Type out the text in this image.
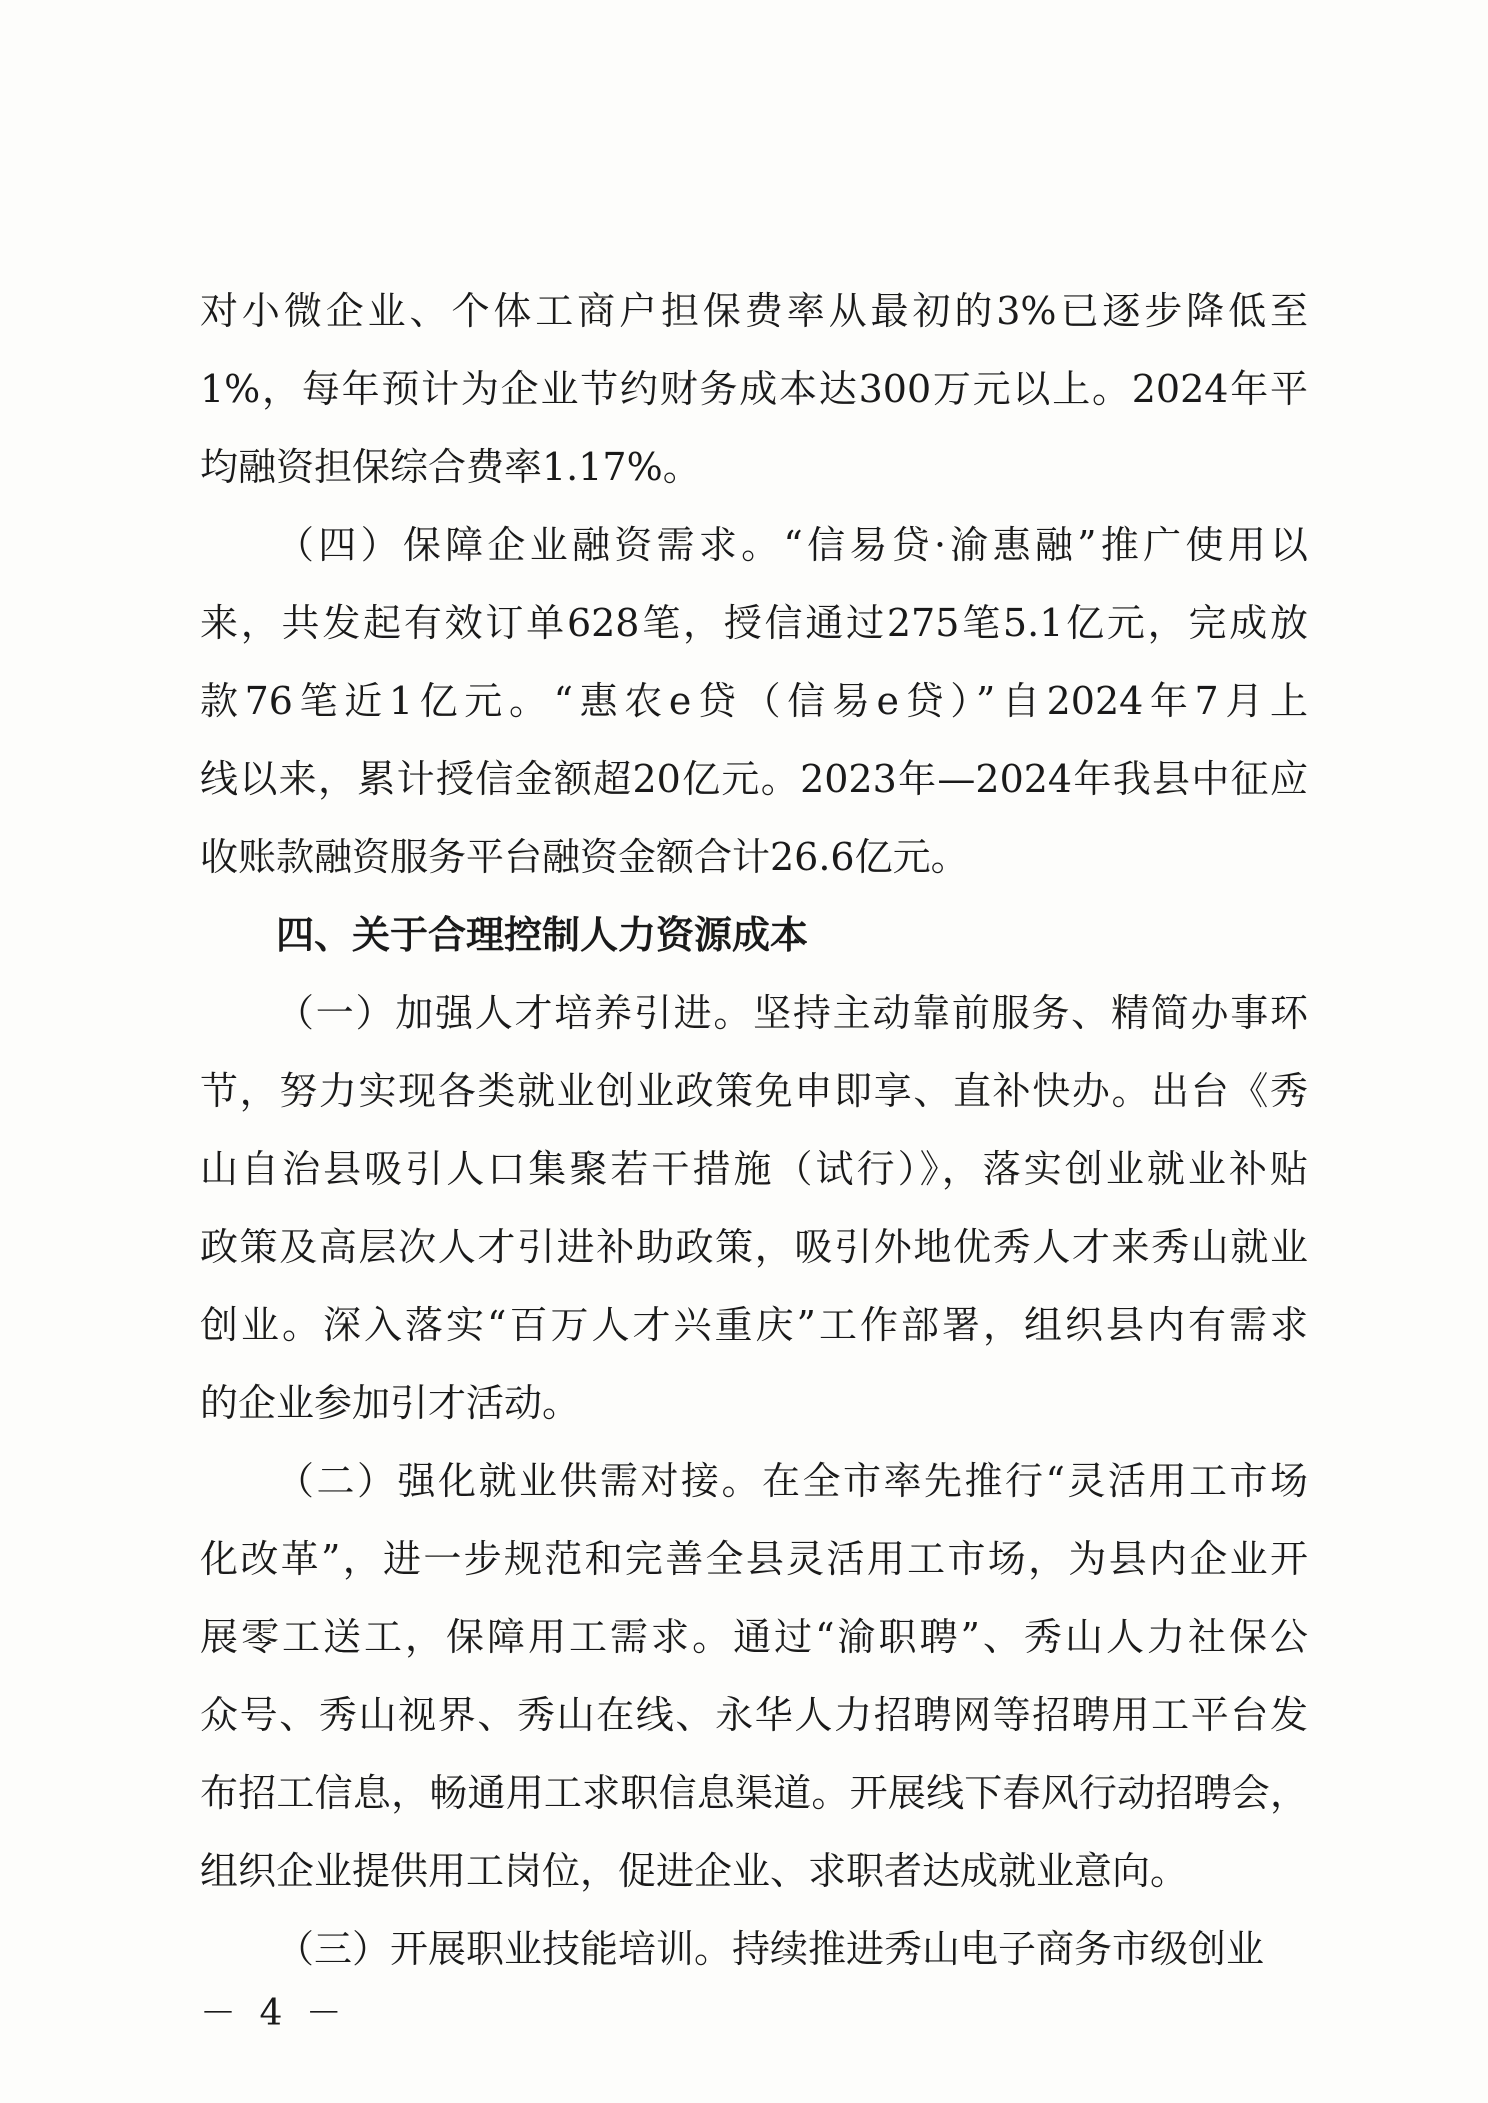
对小微企业、个体工商户担保费率从最初的3%已逐步降低至
1%，每年预计为企业节约财务成本达300万元以上。2024年平
均融资担保综合费率1.17%。
（四）保障企业融资需求。“信易贷·渝惠融”推广使用以
来，共发起有效订单628笔，授信通过275笔5.1亿元，完成放
款76笔近1亿元。“惠农e贷（信易e贷）”自2024年7月上
线以来，累计授信金额超20亿元。2023年—2024年我县中征应
收账款融资服务平台融资金额合计26.6亿元。
四、关于合理控制人力资源成本
（一）加强人才培养引进。坚持主动靠前服务、精简办事环
节，努力实现各类就业创业政策免申即享、直补快办。出台《秀
山自治县吸引人口集聚若干措施（试行）》，落实创业就业补贴
政策及高层次人才引进补助政策，吸引外地优秀人才来秀山就业
创业。深入落实“百万人才兴重庆”工作部署，组织县内有需求
的企业参加引才活动。
（二）强化就业供需对接。在全市率先推行“灵活用工市场
化改革”，进一步规范和完善全县灵活用工市场，为县内企业开
展零工送工，保障用工需求。通过“渝职聘”、秀山人力社保公
众号、秀山视界、秀山在线、永华人力招聘网等招聘用工平台发
布招工信息，畅通用工求职信息渠道。开展线下春风行动招聘会，
组织企业提供用工岗位，促进企业、求职者达成就业意向。
（三）开展职业技能培训。持续推进秀山电子商务市级创业
－ 4 －
